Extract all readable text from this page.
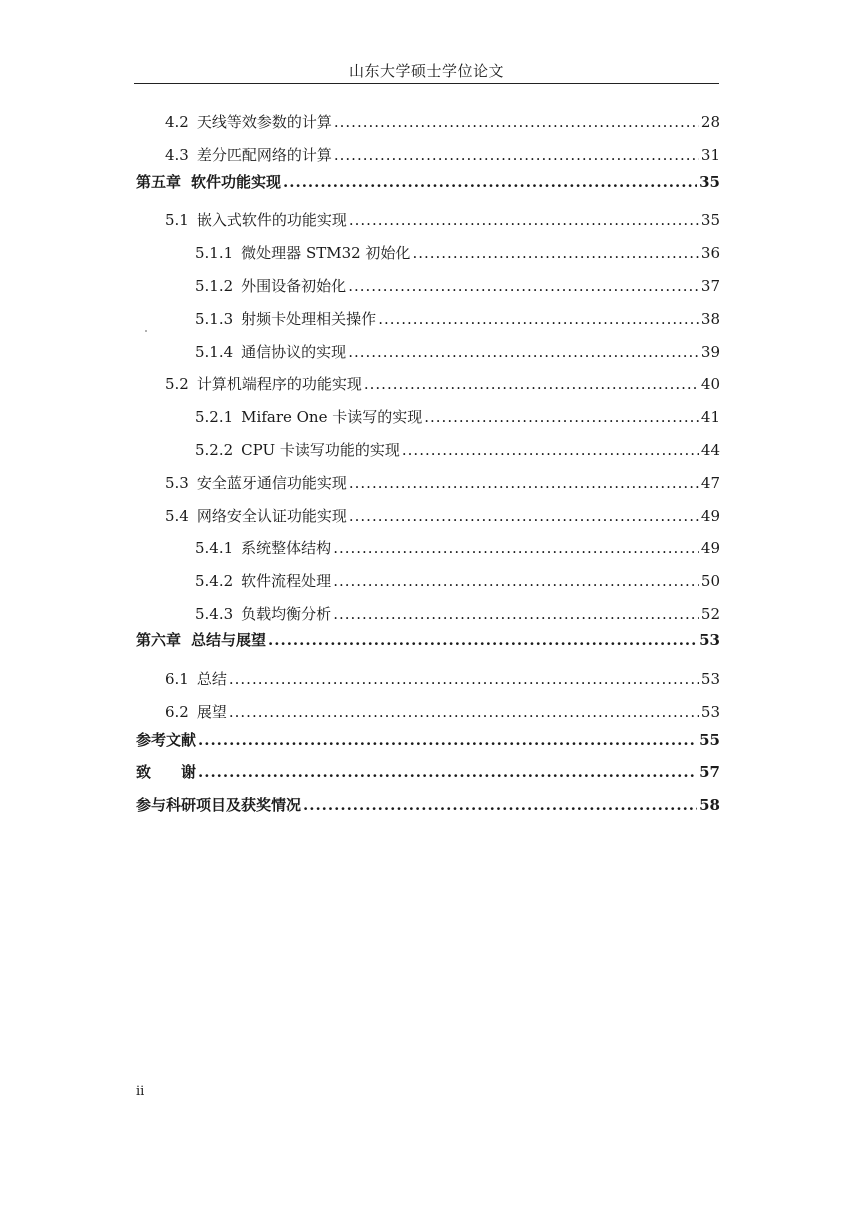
山东大学硕士学位论文
4.2 天线等效参数的计算 .....	28
4.3 差分匹配网络的计算 .....	31
第五章 软件功能实现 .....	35
5.1 嵌入式软件的功能实现 .....	35
5.1.1 微处理器 STM32 初始化 .....	36
5.1.2 外围设备初始化 .....	37
5.1.3 射频卡处理相关操作 .....	38
5.1.4 通信协议的实现 .....	39
5.2 计算机端程序的功能实现 .....	40
5.2.1 Mifare One 卡读写的实现 .....	41
5.2.2 CPU 卡读写功能的实现 .....	44
5.3 安全蓝牙通信功能实现 .....	47
5.4 网络安全认证功能实现 .....	49
5.4.1 系统整体结构 .....	49
5.4.2 软件流程处理 .....	50
5.4.3 负载均衡分析 .....	52
第六章 总结与展望 .....	53
6.1 总结 .....	53
6.2 展望 .....	53
参考文献 .....	55
致　　谢 .....	57
参与科研项目及获奖情况 .....	58
ii
